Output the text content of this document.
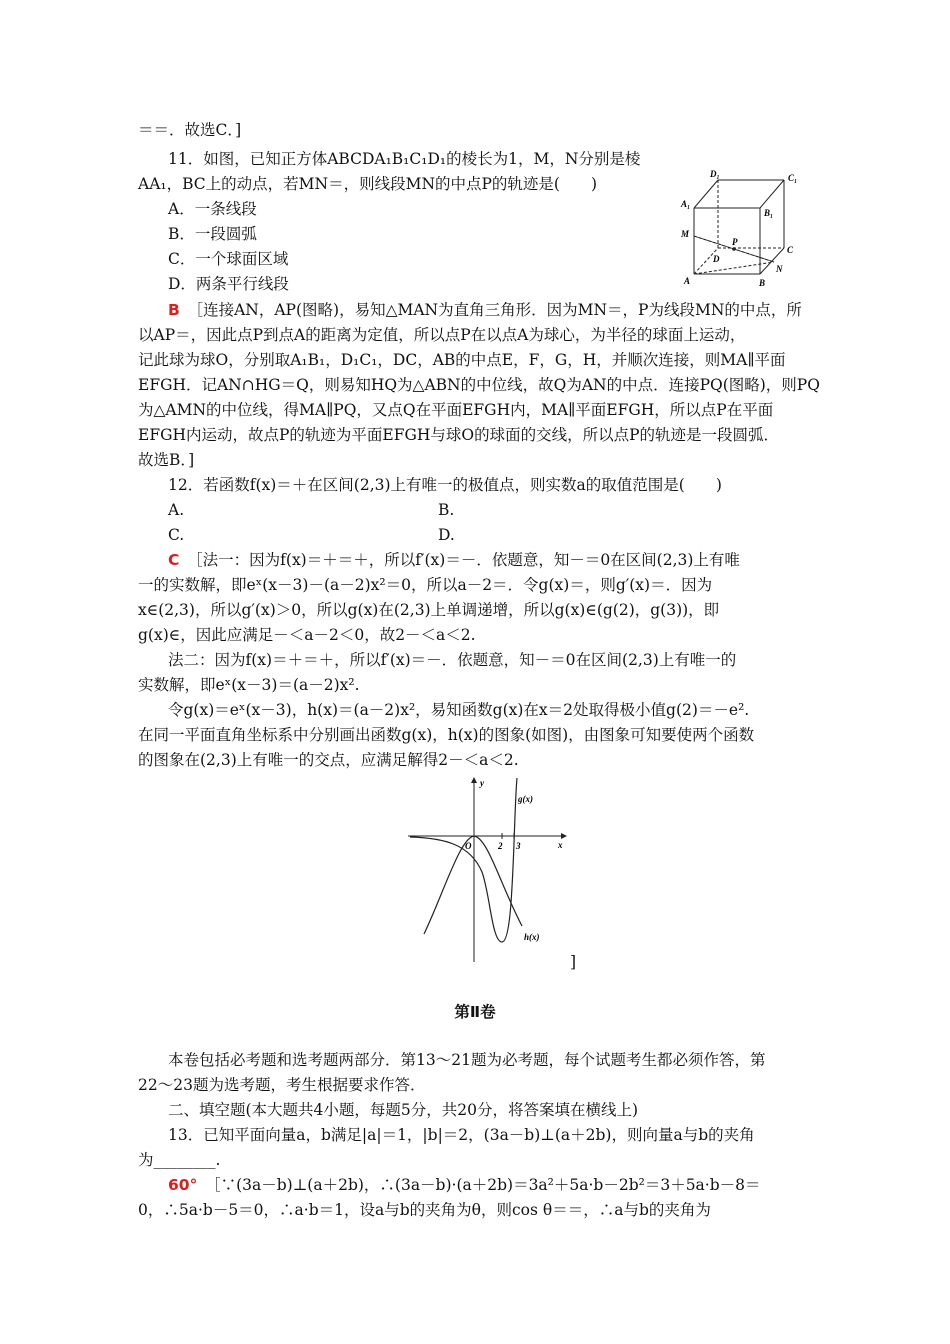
＝＝．故选C．]
11．如图，已知正方体ABCDA₁B₁C₁D₁的棱长为1，M，N分别是棱
AA₁，BC上的动点，若MN＝，则线段MN的中点P的轨迹是(　　)
A．一条线段
B．一段圆弧
C．一个球面区域
D．两条平行线段
D₁	C₁
A₁
B₁
M
P
C
D
N
A	B
B　 ［连接AN，AP(图略)，易知△MAN为直角三角形．因为MN＝，P为线段MN的中点，所
以AP＝，因此点P到点A的距离为定值，所以点P在以点A为球心，为半径的球面上运动，
记此球为球O，分别取A₁B₁，D₁C₁，DC，AB的中点E，F，G，H，并顺次连接，则MA∥平面
EFGH．记AN∩HG＝Q，则易知HQ为△ABN的中位线，故Q为AN的中点．连接PQ(图略)，则PQ
为△AMN的中位线，得MA∥PQ，又点Q在平面EFGH内，MA∥平面EFGH，所以点P在平面
EFGH内运动，故点P的轨迹为平面EFGH与球O的球面的交线，所以点P的轨迹是一段圆弧．
故选B．]
12．若函数f(x)＝＋在区间(2,3)上有唯一的极值点，则实数a的取值范围是(　　)
A.	B.
C.	D.
C　 ［法一：因为f(x)＝＋＝＋，所以f′(x)＝－．依题意，知－＝0在区间(2,3)上有唯
一的实数解，即eˣ(x－3)－(a－2)x²＝0，所以a－2＝．令g(x)＝，则g′(x)＝．因为
x∈(2,3)，所以g′(x)＞0，所以g(x)在(2,3)上单调递增，所以g(x)∈(g(2)，g(3))，即
g(x)∈，因此应满足－＜a－2＜0，故2－＜a＜2.
法二：因为f(x)＝＋＝＋，所以f′(x)＝－．依题意，知－＝0在区间(2,3)上有唯一的
实数解，即eˣ(x－3)＝(a－2)x².
令g(x)＝eˣ(x－3)，h(x)＝(a－2)x²，易知函数g(x)在x＝2处取得极小值g(2)＝－e².
在同一平面直角坐标系中分别画出函数g(x)，h(x)的图象(如图)，由图象可知要使两个函数
的图象在(2,3)上有唯一的交点，应满足解得2－＜a＜2.
y
g(x)
O	2 3	x
h(x)
]
第Ⅱ卷
本卷包括必考题和选考题两部分．第13～21题为必考题，每个试题考生都必须作答，第
22～23题为选考题，考生根据要求作答．
二、填空题(本大题共4小题，每题5分，共20分，将答案填在横线上)
13．已知平面向量a，b满足|a|＝1，|b|＝2，(3a－b)⊥(a＋2b)，则向量a与b的夹角
为________.
60°　 ［∵(3a－b)⊥(a＋2b)，∴(3a－b)·(a＋2b)＝3a²＋5a·b－2b²＝3＋5a·b－8＝
0，∴5a·b－5＝0，∴a·b＝1，设a与b的夹角为θ，则cos θ＝＝，∴a与b的夹角为
